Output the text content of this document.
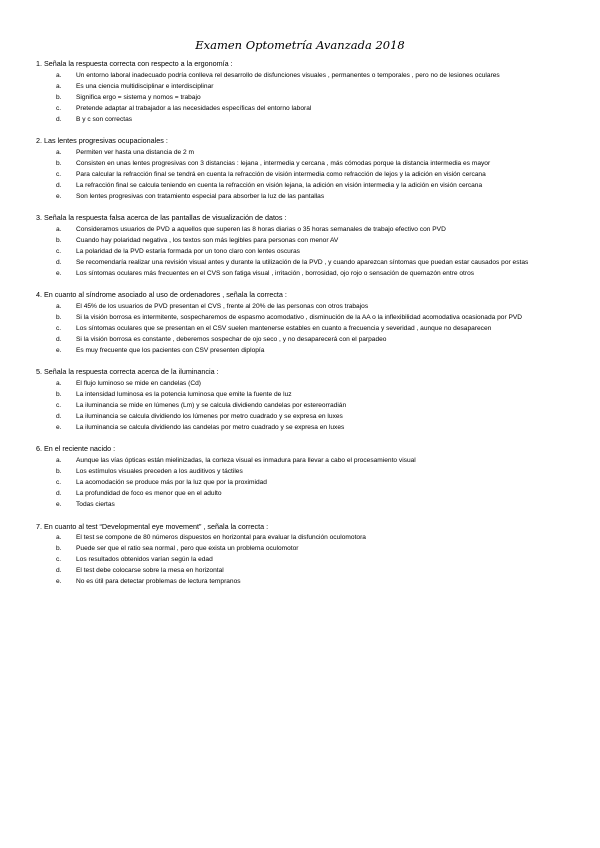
Examen Optometría Avanzada 2018
1. Señala la respuesta correcta con respecto a la ergonomía :
a.	Un entorno laboral inadecuado podría conlleva rel desarrollo de disfunciones visuales , permanentes o temporales , pero no de lesiones oculares
a.	Es una ciencia multidisciplinar e interdisciplinar
b.	Significa ergo = sistema y nomos = trabajo
c.	Pretende adaptar al trabajador a las necesidades específicas del entorno laboral
d.	B y c son correctas
2. Las lentes progresivas ocupacionales :
a.	Permiten ver hasta una distancia de 2 m
b.	Consisten en unas lentes progresivas con 3 distancias : lejana , intermedia y cercana , más cómodas porque la distancia intermedia es mayor
c.	Para calcular la refracción final se tendrá en cuenta la refracción de visión intermedia como refracción de lejos y la adición en visión cercana
d.	La refracción final se calcula teniendo en cuenta la refracción en visión lejana, la adición en visión intermedia y la adición en visión cercana
e.	Son lentes progresivas con tratamiento especial para absorber la luz de las pantallas
3. Señala la respuesta falsa acerca de las pantallas de visualización de datos :
a.	Consideramos usuarios de PVD a aquellos que superen las 8 horas diarias o 35 horas semanales de trabajo efectivo con PVD
b.	Cuando hay polaridad negativa , los textos son más legibles para personas con menor AV
c.	La polaridad de la PVD estaría formada por un tono claro con lentes oscuras
d.	Se recomendaría realizar una revisión visual antes y durante la utilización de la PVD , y cuando aparezcan síntomas que puedan estar causados por estas
e.	Los síntomas oculares más frecuentes en el CVS son fatiga visual , irritación , borrosidad, ojo rojo o sensación de quemazón entre otros
4. En cuanto al síndrome asociado al uso de ordenadores , señala la correcta :
a.	El 45% de los usuarios de PVD presentan el CVS , frente al 20% de las personas con otros trabajos
b.	Si la visión borrosa es intermitente, sospecharemos de espasmo acomodativo , disminución de la AA o la inflexibilidad acomodativa ocasionada por PVD
c.	Los síntomas oculares que se presentan en el CSV suelen mantenerse estables en cuanto a frecuencia y severidad , aunque no desaparecen
d.	Si la visión borrosa es constante , deberemos sospechar de ojo seco , y no desaparecerá con el parpadeo
e.	Es muy frecuente que los pacientes con CSV presenten diplopía
5. Señala la respuesta correcta acerca de la iluminancia :
a.	El flujo luminoso se mide en candelas (Cd)
b.	La intensidad luminosa es la potencia luminosa que emite la fuente de luz
c.	La iluminancia se mide en lúmenes (Lm) y se calcula dividiendo candelas por estereorradián
d.	La iluminancia se calcula dividiendo los lúmenes por metro cuadrado y se expresa en luxes
e.	La iluminancia se calcula dividiendo las candelas por metro cuadrado y se expresa en luxes
6. En el reciente nacido :
a.	Aunque las vías ópticas están mielinizadas, la corteza visual es inmadura para llevar a cabo el procesamiento visual
b.	Los estímulos visuales preceden a los auditivos y táctiles
c.	La acomodación se produce más por la luz que por la proximidad
d.	La profundidad de foco es menor que en el adulto
e.	Todas ciertas
7. En cuanto al test “Developmental eye movement” , señala la correcta :
a.	El test se compone de 80 números dispuestos en horizontal para evaluar la disfunción oculomotora
b.	Puede ser que el ratio sea normal , pero que exista un problema oculomotor
c.	Los resultados obtenidos varían según la edad
d.	El test debe colocarse sobre la mesa en horizontal
e.	No es útil para detectar problemas de lectura tempranos
